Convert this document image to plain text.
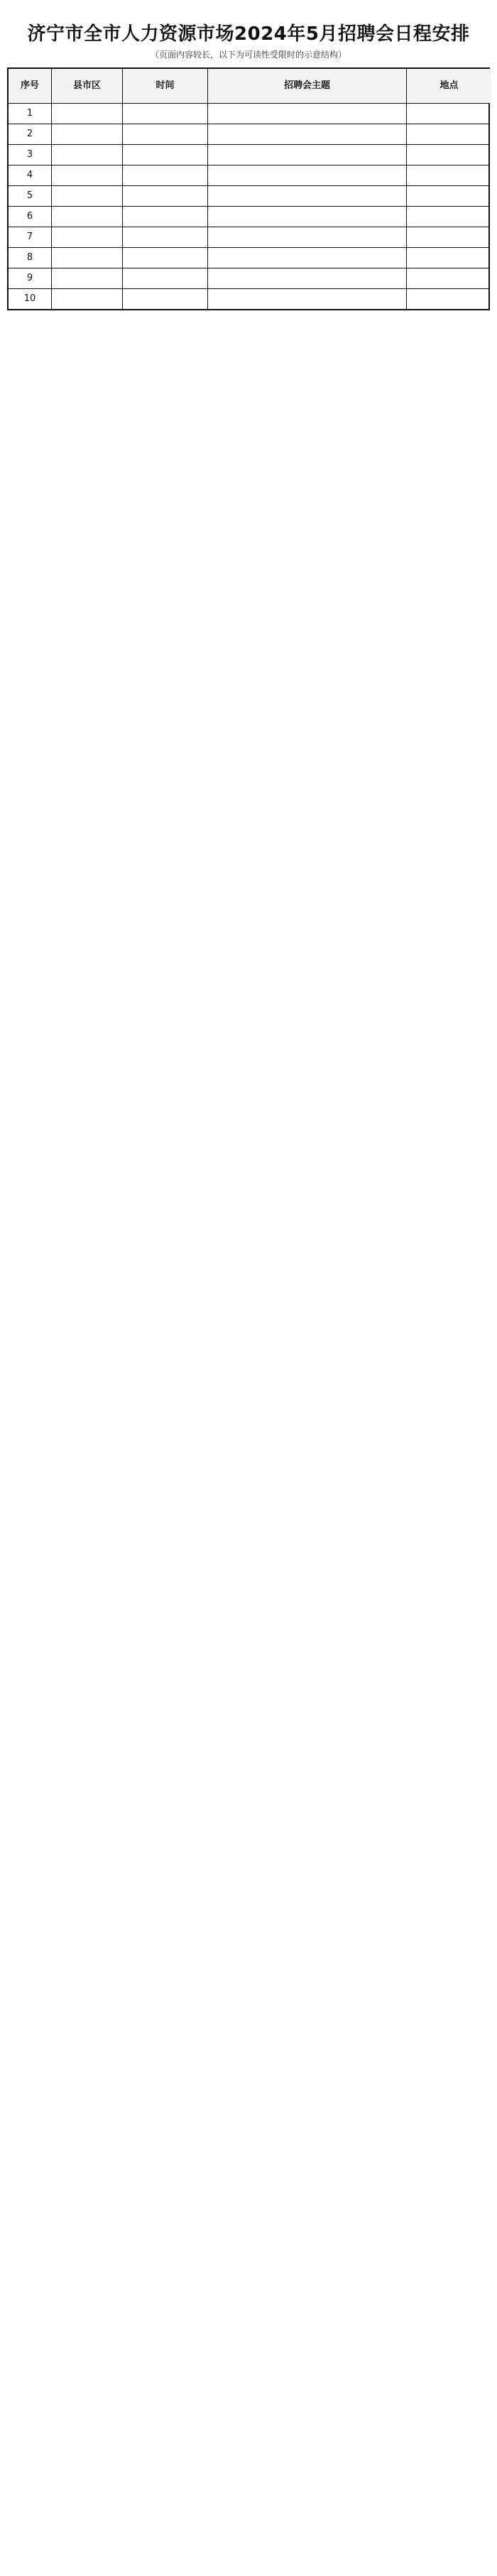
济宁市全市人力资源市场2024年5月招聘会日程安排
（页面内容较长，以下为可读性受限时的示意结构）
序号	县市区	时间	招聘会主题	地点
1
2
3
4
5
6
7
8
9
10
